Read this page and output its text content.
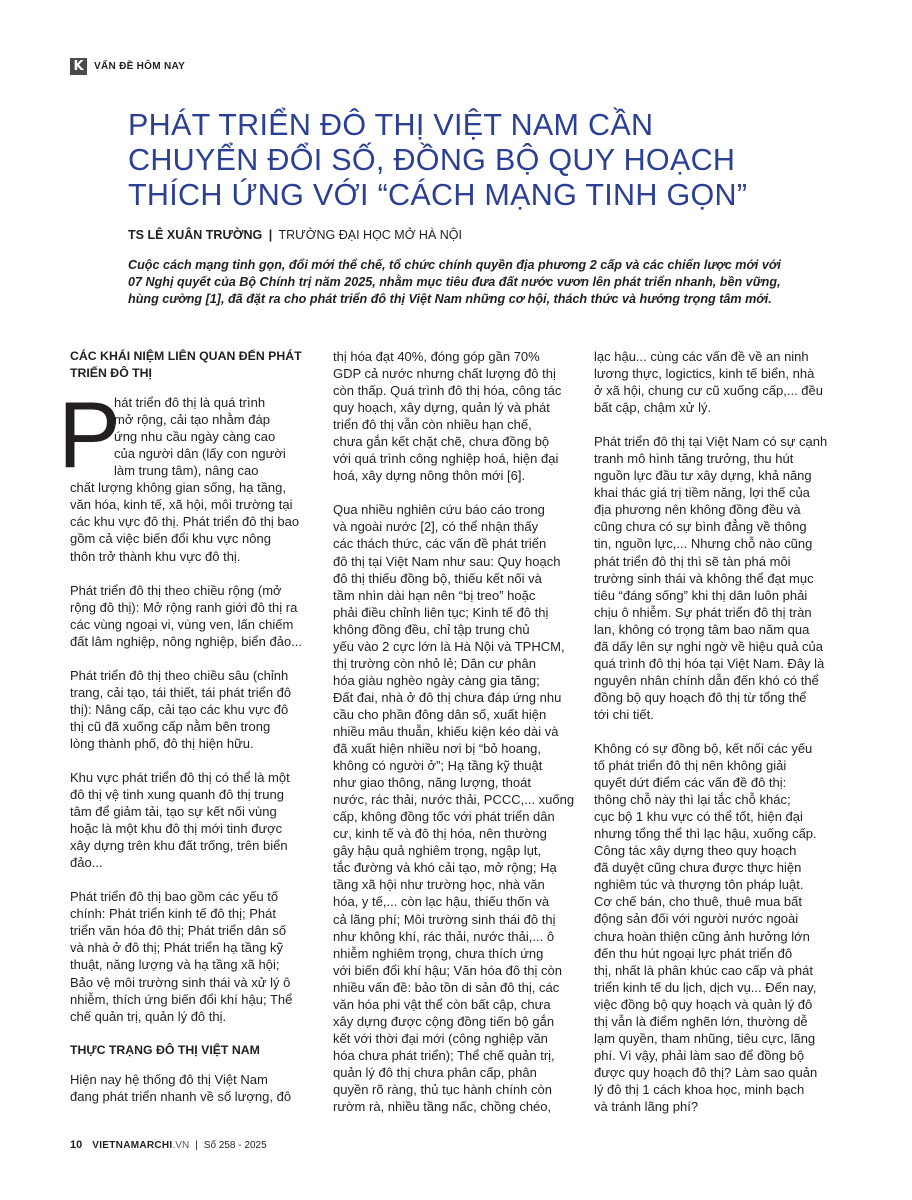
K	VẤN ĐỀ HÔM NAY
PHÁT TRIỂN ĐÔ THỊ VIỆT NAM CẦN
CHUYỂN ĐỔI SỐ, ĐỒNG BỘ QUY HOẠCH
THÍCH ỨNG VỚI “CÁCH MẠNG TINH GỌN”
TS LÊ XUÂN TRƯỜNG | TRƯỜNG ĐẠI HỌC MỞ HÀ NỘI

Cuộc cách mạng tinh gọn, đổi mới thể chế, tổ chức chính quyền địa phương 2 cấp và các chiến lược mới với
07 Nghị quyết của Bộ Chính trị năm 2025, nhằm mục tiêu đưa đất nước vươn lên phát triển nhanh, bền vững,
hùng cường [1], đã đặt ra cho phát triển đô thị Việt Nam những cơ hội, thách thức và hướng trọng tâm mới.

CÁC KHÁI NIỆM LIÊN QUAN ĐẾN PHÁT
TRIỂN ĐÔ THỊ
P
hát triển đô thị là quá trình
mở rộng, cải tạo nhằm đáp
ứng nhu cầu ngày càng cao
của người dân (lấy con người
làm trung tâm), nâng cao
chất lượng không gian sống, hạ tầng,
văn hóa, kinh tế, xã hội, môi trường tại
các khu vực đô thị. Phát triển đô thị bao
gồm cả việc biến đổi khu vực nông
thôn trở thành khu vực đô thị.

Phát triển đô thị theo chiều rộng (mở
rộng đô thị): Mở rộng ranh giới đô thị ra
các vùng ngoại vi, vùng ven, lấn chiếm
đất lâm nghiệp, nông nghiệp, biển đảo...

Phát triển đô thị theo chiều sâu (chỉnh
trang, cải tạo, tái thiết, tái phát triển đô
thị): Nâng cấp, cải tạo các khu vực đô
thị cũ đã xuống cấp nằm bên trong
lòng thành phố, đô thị hiện hữu.

Khu vực phát triển đô thị có thể là một
đô thị vệ tinh xung quanh đô thị trung
tâm để giảm tải, tạo sự kết nối vùng
hoặc là một khu đô thị mới tinh được
xây dựng trên khu đất trống, trên biển
đảo...

Phát triển đô thị bao gồm các yếu tố
chính: Phát triển kinh tế đô thị; Phát
triển văn hóa đô thị; Phát triển dân số
và nhà ở đô thị; Phát triển hạ tầng kỹ
thuật, năng lượng và hạ tầng xã hội;
Bảo vệ môi trường sinh thái và xử lý ô
nhiễm, thích ứng biến đổi khí hậu; Thể
chế quản trị, quản lý đô thị.

THỰC TRẠNG ĐÔ THỊ VIỆT NAM

Hiện nay hệ thống đô thị Việt Nam
đang phát triển nhanh về số lượng, đô

thị hóa đạt 40%, đóng góp gần 70%
GDP cả nước nhưng chất lượng đô thị
còn thấp. Quá trình đô thị hóa, công tác
quy hoạch, xây dựng, quản lý và phát
triển đô thị vẫn còn nhiều hạn chế,
chưa gắn kết chặt chẽ, chưa đồng bộ
với quá trình công nghiệp hoá, hiện đại
hoá, xây dựng nông thôn mới [6].

Qua nhiều nghiên cứu báo cáo trong
và ngoài nước [2], có thể nhận thấy
các thách thức, các vấn đề phát triển
đô thị tại Việt Nam như sau: Quy hoạch
đô thị thiếu đồng bộ, thiếu kết nối và
tầm nhìn dài hạn nên “bị treo” hoặc
phải điều chỉnh liên tục; Kinh tế đô thị
không đồng đều, chỉ tập trung chủ
yếu vào 2 cực lớn là Hà Nội và TPHCM,
thị trường còn nhỏ lẻ; Dân cư phân
hóa giàu nghèo ngày càng gia tăng;
Đất đai, nhà ở đô thị chưa đáp ứng nhu
cầu cho phần đông dân số, xuất hiện
nhiều mâu thuẫn, khiếu kiện kéo dài và
đã xuất hiện nhiều nơi bị “bỏ hoang,
không có người ở”; Hạ tầng kỹ thuật
như giao thông, năng lượng, thoát
nước, rác thải, nước thải, PCCC,... xuống
cấp, không đồng tốc với phát triển dân
cư, kinh tế và đô thị hóa, nên thường
gây hậu quả nghiêm trọng, ngập lụt,
tắc đường và khó cải tạo, mở rộng; Hạ
tầng xã hội như trường học, nhà văn
hóa, y tế,... còn lạc hậu, thiếu thốn và
cả lãng phí; Môi trường sinh thái đô thị
như không khí, rác thải, nước thải,... ô
nhiễm nghiêm trọng, chưa thích ứng
với biến đổi khí hậu; Văn hóa đô thị còn
nhiều vấn đề: bảo tồn di sản đô thị, các
văn hóa phi vật thể còn bất cập, chưa
xây dựng được cộng đồng tiến bộ gắn
kết với thời đại mới (công nghiệp văn
hóa chưa phát triển); Thể chế quản trị,
quản lý đô thị chưa phân cấp, phân
quyền rõ ràng, thủ tục hành chính còn
rườm rà, nhiều tầng nấc, chồng chéo,

lạc hậu... cùng các vấn đề về an ninh
lương thực, logictics, kinh tế biển, nhà
ở xã hội, chung cư cũ xuống cấp,... đều
bất cập, chậm xử lý.

Phát triển đô thị tại Việt Nam có sự cạnh
tranh mô hình tăng trưởng, thu hút
nguồn lực đầu tư xây dựng, khả năng
khai thác giá trị tiềm năng, lợi thế của
địa phương nên không đồng đều và
cũng chưa có sự bình đẳng về thông
tin, nguồn lực,... Nhưng chỗ nào cũng
phát triển đô thị thì sẽ tàn phá môi
trường sinh thái và không thể đạt mục
tiêu “đáng sống” khi thị dân luôn phải
chịu ô nhiễm. Sự phát triển đô thị tràn
lan, không có trọng tâm bao năm qua
đã dấy lên sự nghi ngờ về hiệu quả của
quá trình đô thị hóa tại Việt Nam. Đây là
nguyên nhân chính dẫn đến khó có thể
đồng bộ quy hoạch đô thị từ tổng thể
tới chi tiết.

Không có sự đồng bộ, kết nối các yếu
tố phát triển đô thị nên không giải
quyết dứt điểm các vấn đề đô thị:
thông chỗ này thì lại tắc chỗ khác;
cục bộ 1 khu vực có thể tốt, hiện đại
nhưng tổng thể thì lạc hậu, xuống cấp.
Công tác xây dựng theo quy hoạch
đã duyệt cũng chưa được thực hiện
nghiêm túc và thượng tôn pháp luật.
Cơ chế bán, cho thuê, thuê mua bất
động sản đối với người nước ngoài
chưa hoàn thiện cũng ảnh hưởng lớn
đến thu hút ngoại lực phát triển đô
thị, nhất là phân khúc cao cấp và phát
triển kinh tế du lịch, dịch vụ... Đến nay,
việc đồng bộ quy hoạch và quản lý đô
thị vẫn là điểm nghẽn lớn, thường dễ
lạm quyền, tham nhũng, tiêu cực, lãng
phí. Vì vậy, phải làm sao để đồng bộ
được quy hoạch đô thị? Làm sao quản
lý đô thị 1 cách khoa học, minh bạch
và tránh lãng phí?

10 VIETNAMARCHI .VN | Số 258 - 2025
